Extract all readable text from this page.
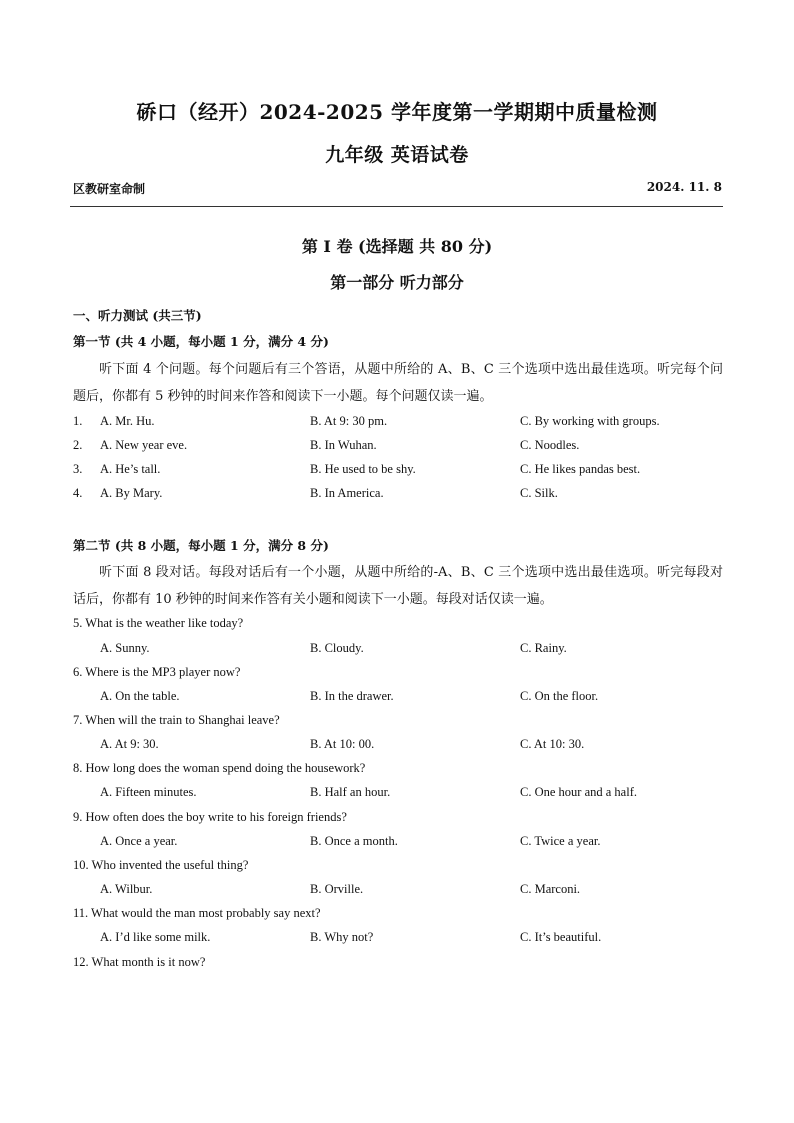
硚口（经开）2024-2025 学年度第一学期期中质量检测
九年级 英语试卷
区教研室命制	2024. 11. 8
第 I 卷 (选择题 共 80 分)
第一部分 听力部分
一、听力测试 (共三节)
第一节 (共 4 小题，每小题 1 分，满分 4 分)
听下面 4 个问题。每个问题后有三个答语，从题中所给的 A、B、C 三个选项中选出最佳选项。听完每个问题后，你都有 5 秒钟的时间来作答和阅读下一小题。每个问题仅读一遍。
1. A. Mr. Hu.	B. At 9: 30 pm.	C. By working with groups.
2. A. New year eve.	B. In Wuhan.	C. Noodles.
3. A. He’s tall.	B. He used to be shy.	C. He likes pandas best.
4. A. By Mary.	B. In America.	C. Silk.
第二节 (共 8 小题，每小题 1 分，满分 8 分)
听下面 8 段对话。每段对话后有一个小题，从题中所给的-A、B、C 三个选项中选出最佳选项。听完每段对话后，你都有 10 秒钟的时间来作答有关小题和阅读下一小题。每段对话仅读一遍。
5. What is the weather like today?
A. Sunny.	B. Cloudy.	C. Rainy.
6. Where is the MP3 player now?
A. On the table.	B. In the drawer.	C. On the floor.
7. When will the train to Shanghai leave?
A. At 9: 30.	B. At 10: 00.	C. At 10: 30.
8. How long does the woman spend doing the housework?
A. Fifteen minutes.	B. Half an hour.	C. One hour and a half.
9. How often does the boy write to his foreign friends?
A. Once a year.	B. Once a month.	C. Twice a year.
10. Who invented the useful thing?
A. Wilbur.	B. Orville.	C. Marconi.
11. What would the man most probably say next?
A. I’d like some milk.	B. Why not?	C. It’s beautiful.
12. What month is it now?
